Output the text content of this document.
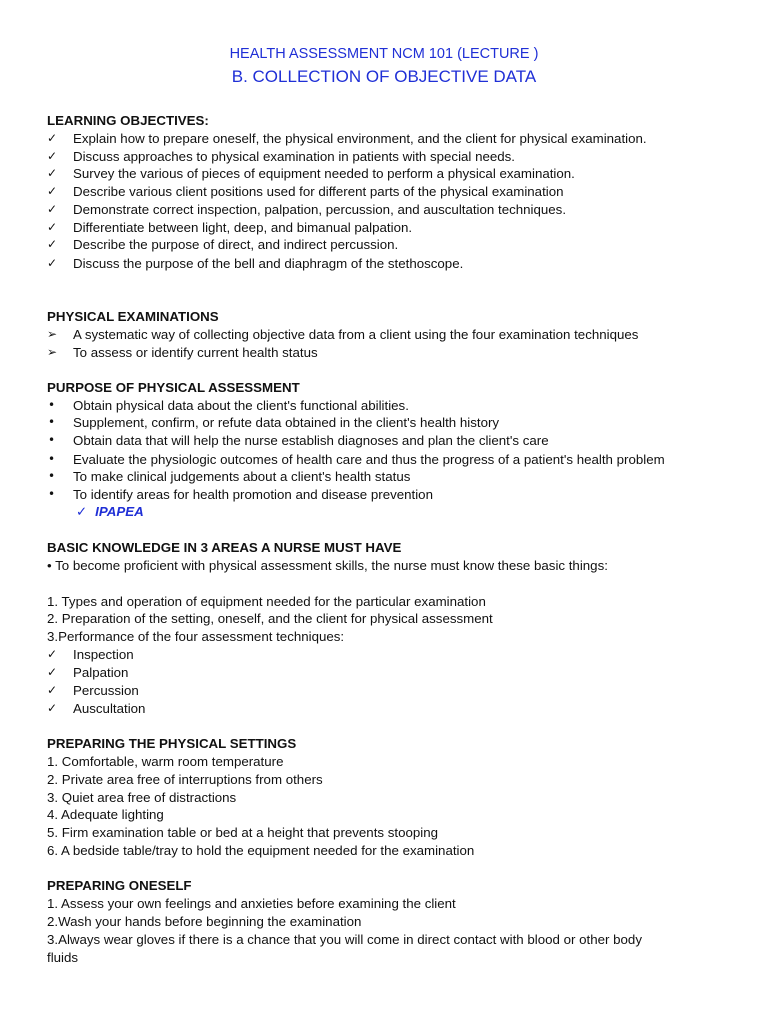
HEALTH ASSESSMENT NCM 101 (LECTURE )
B. COLLECTION OF OBJECTIVE DATA
LEARNING OBJECTIVES:
✓	Explain how to prepare oneself, the physical environment, and the client for physical examination.
✓	Discuss approaches to physical examination in patients with special needs.
✓	Survey the various of pieces of equipment needed to perform a physical examination.
✓	Describe various client positions used for different parts of the physical examination
✓	Demonstrate correct inspection, palpation, percussion, and auscultation techniques.
✓	Differentiate between light, deep, and bimanual palpation.
✓	Describe the purpose of direct, and indirect percussion.
✓	Discuss the purpose of the bell and diaphragm of the stethoscope.
PHYSICAL EXAMINATIONS
➢	A systematic way of collecting objective data from a client using the four examination techniques
➢	To assess or identify current health status
PURPOSE OF PHYSICAL ASSESSMENT
•	Obtain physical data about the client's functional abilities.
•	Supplement, confirm, or refute data obtained in the client's health history
•	Obtain data that will help the nurse establish diagnoses and plan the client's care
•	Evaluate the physiologic outcomes of health care and thus the progress of a patient's health problem
•	To make clinical judgements about a client's health status
•	To identify areas for health promotion and disease prevention
✓ IPAPEA
BASIC KNOWLEDGE IN 3 AREAS A NURSE MUST HAVE
• To become proficient with physical assessment skills, the nurse must know these basic things:
1. Types and operation of equipment needed for the particular examination
2. Preparation of the setting, oneself, and the client for physical assessment
3.Performance of the four assessment techniques:
✓	Inspection
✓	Palpation
✓	Percussion
✓	Auscultation
PREPARING THE PHYSICAL SETTINGS
1. Comfortable, warm room temperature
2. Private area free of interruptions from others
3. Quiet area free of distractions
4. Adequate lighting
5. Firm examination table or bed at a height that prevents stooping
6. A bedside table/tray to hold the equipment needed for the examination
PREPARING ONESELF
1. Assess your own feelings and anxieties before examining the client
2.Wash your hands before beginning the examination
3.Always wear gloves if there is a chance that you will come in direct contact with blood or other body
fluids
